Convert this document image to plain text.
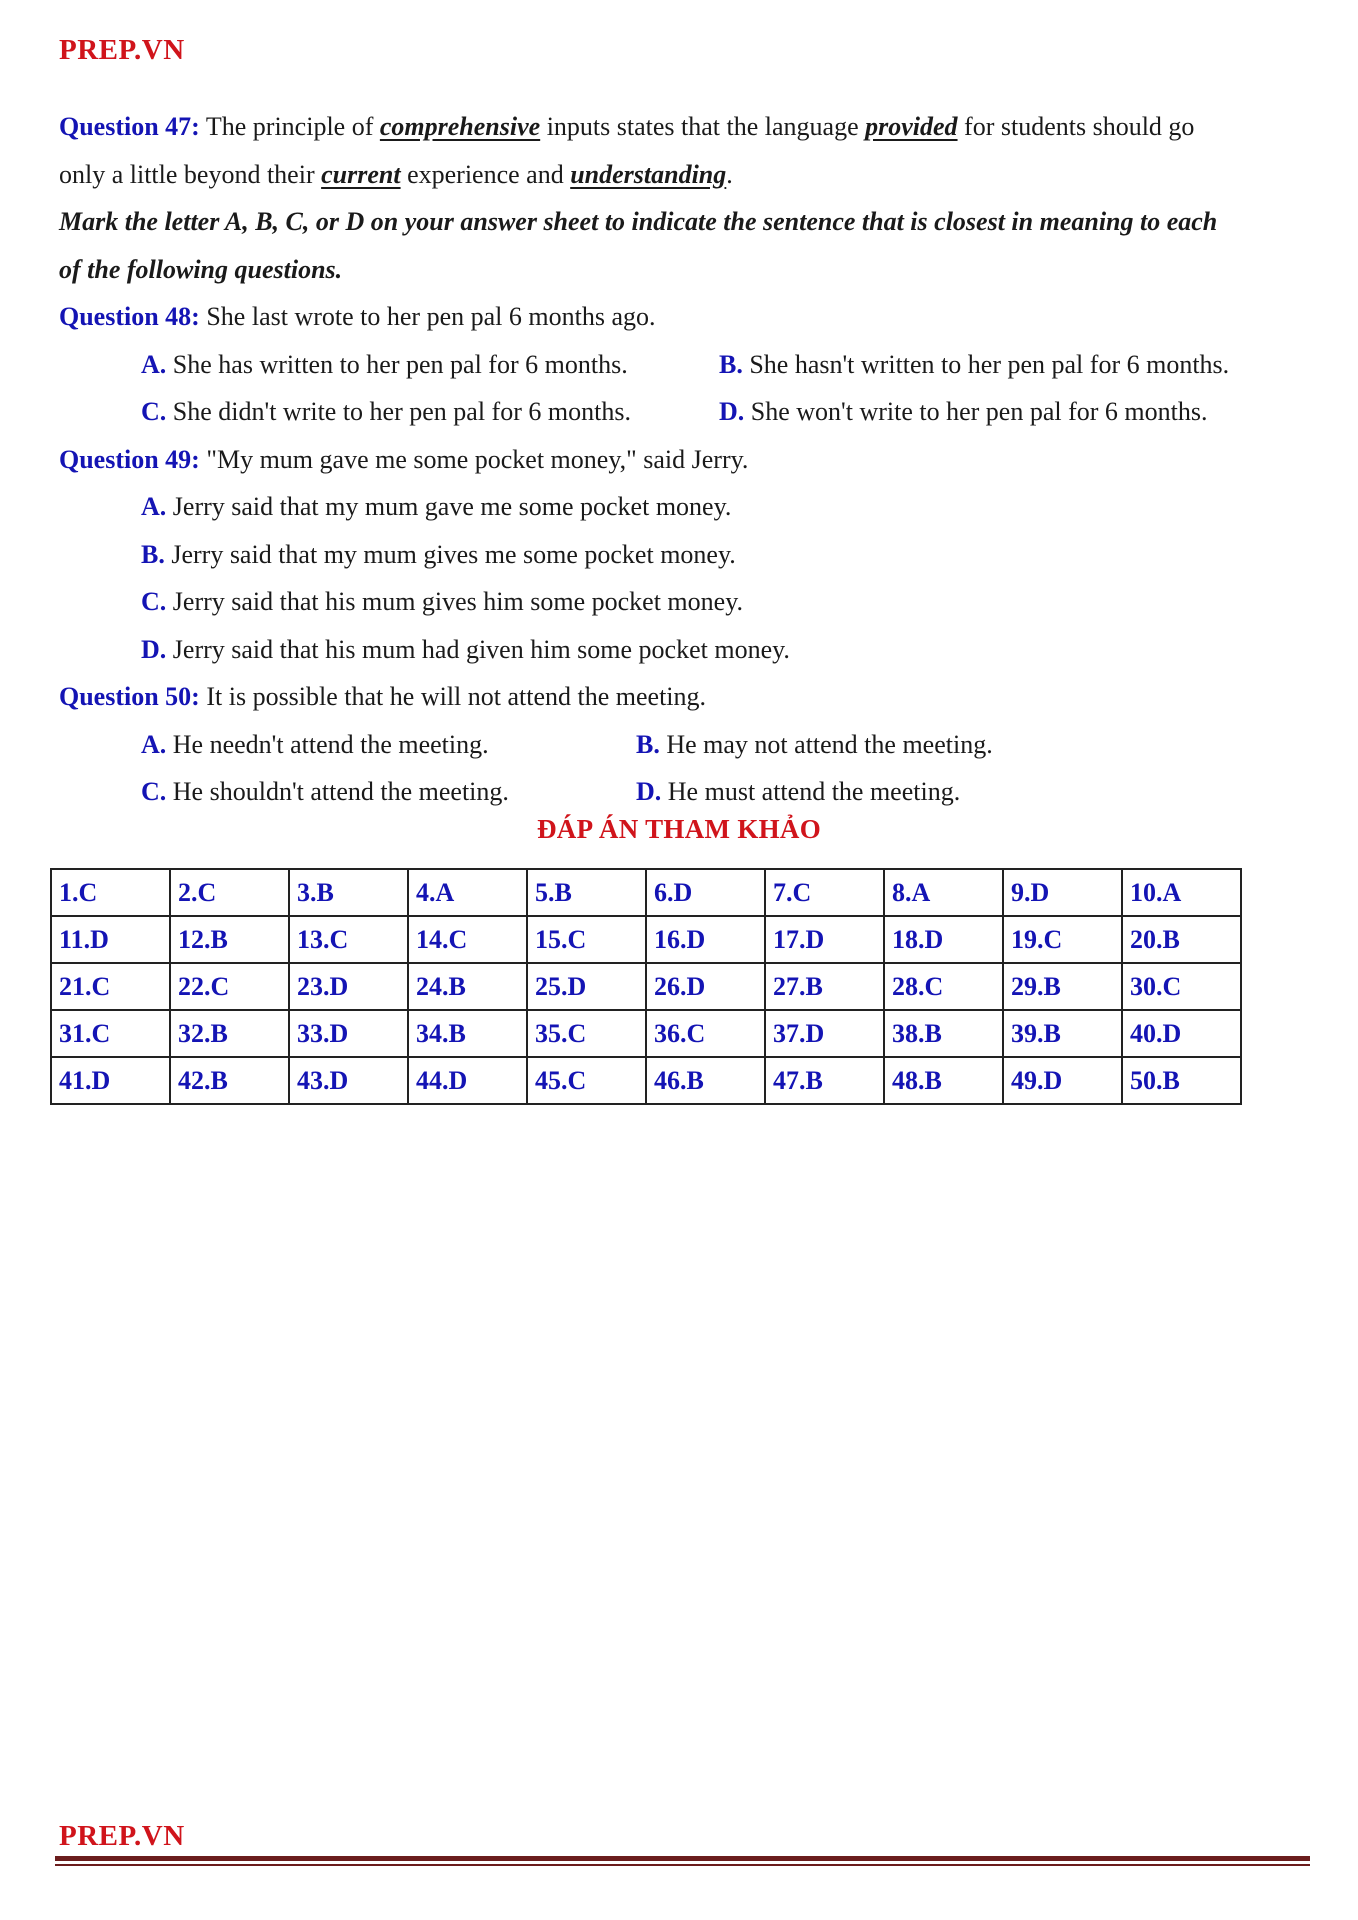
PREP.VN
Question 47: The principle of comprehensive inputs states that the language provided for students should go
only a little beyond their current experience and understanding.
Mark the letter A, B, C, or D on your answer sheet to indicate the sentence that is closest in meaning to each
of the following questions.
Question 48: She last wrote to her pen pal 6 months ago.
A. She has written to her pen pal for 6 months.	B. She hasn't written to her pen pal for 6 months.
C. She didn't write to her pen pal for 6 months.	D. She won't write to her pen pal for 6 months.
Question 49: "My mum gave me some pocket money," said Jerry.
A. Jerry said that my mum gave me some pocket money.
B. Jerry said that my mum gives me some pocket money.
C. Jerry said that his mum gives him some pocket money.
D. Jerry said that his mum had given him some pocket money.
Question 50: It is possible that he will not attend the meeting.
A. He needn't attend the meeting.	B. He may not attend the meeting.
C. He shouldn't attend the meeting.	D. He must attend the meeting.
ĐÁP ÁN THAM KHẢO
1.C	2.C	3.B	4.A	5.B	6.D	7.C	8.A	9.D	10.A
11.D	12.B	13.C	14.C	15.C	16.D	17.D	18.D	19.C	20.B
21.C	22.C	23.D	24.B	25.D	26.D	27.B	28.C	29.B	30.C
31.C	32.B	33.D	34.B	35.C	36.C	37.D	38.B	39.B	40.D
41.D	42.B	43.D	44.D	45.C	46.B	47.B	48.B	49.D	50.B
PREP.VN
